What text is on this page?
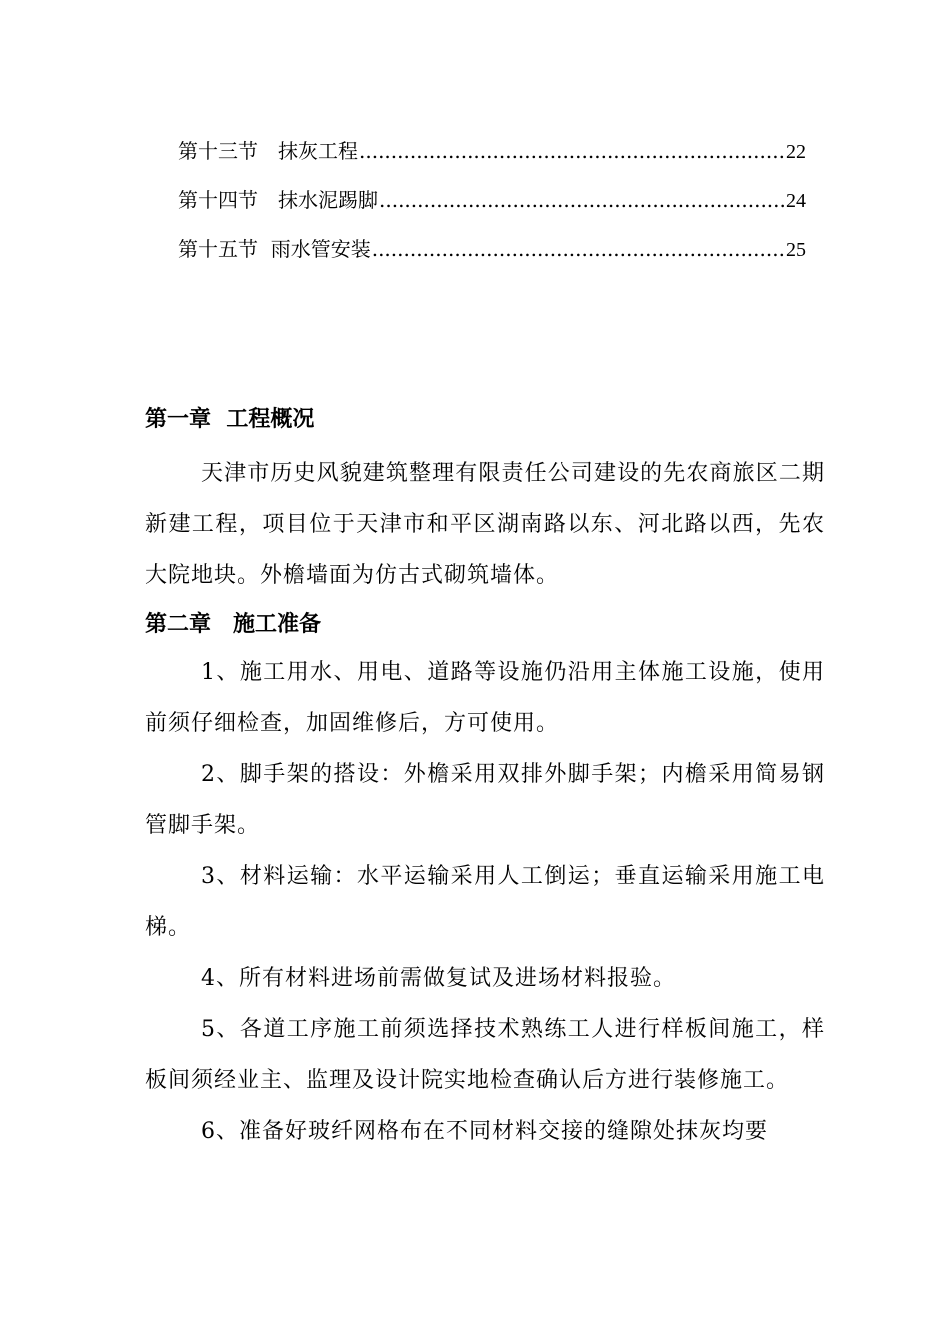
第十三节　抹灰工程 .....	22
第十四节　抹水泥踢脚 .....	24
第十五节  雨水管安装 .....	25
第一章  工程概况

天津市历史风貌建筑整理有限责任公司建设的先农商旅区二期新建工程，项目位于天津市和平区湖南路以东、河北路以西，先农大院地块。外檐墙面为仿古式砌筑墙体。

第二章　施工准备

1、施工用水、用电、道路等设施仍沿用主体施工设施，使用前须仔细检查，加固维修后，方可使用。

2、脚手架的搭设：外檐采用双排外脚手架；内檐采用简易钢管脚手架。

3、材料运输：水平运输采用人工倒运；垂直运输采用施工电梯。

4、所有材料进场前需做复试及进场材料报验。

5、各道工序施工前须选择技术熟练工人进行样板间施工，样板间须经业主、监理及设计院实地检查确认后方进行装修施工。

6、准备好玻纤网格布在不同材料交接的缝隙处抹灰均要
